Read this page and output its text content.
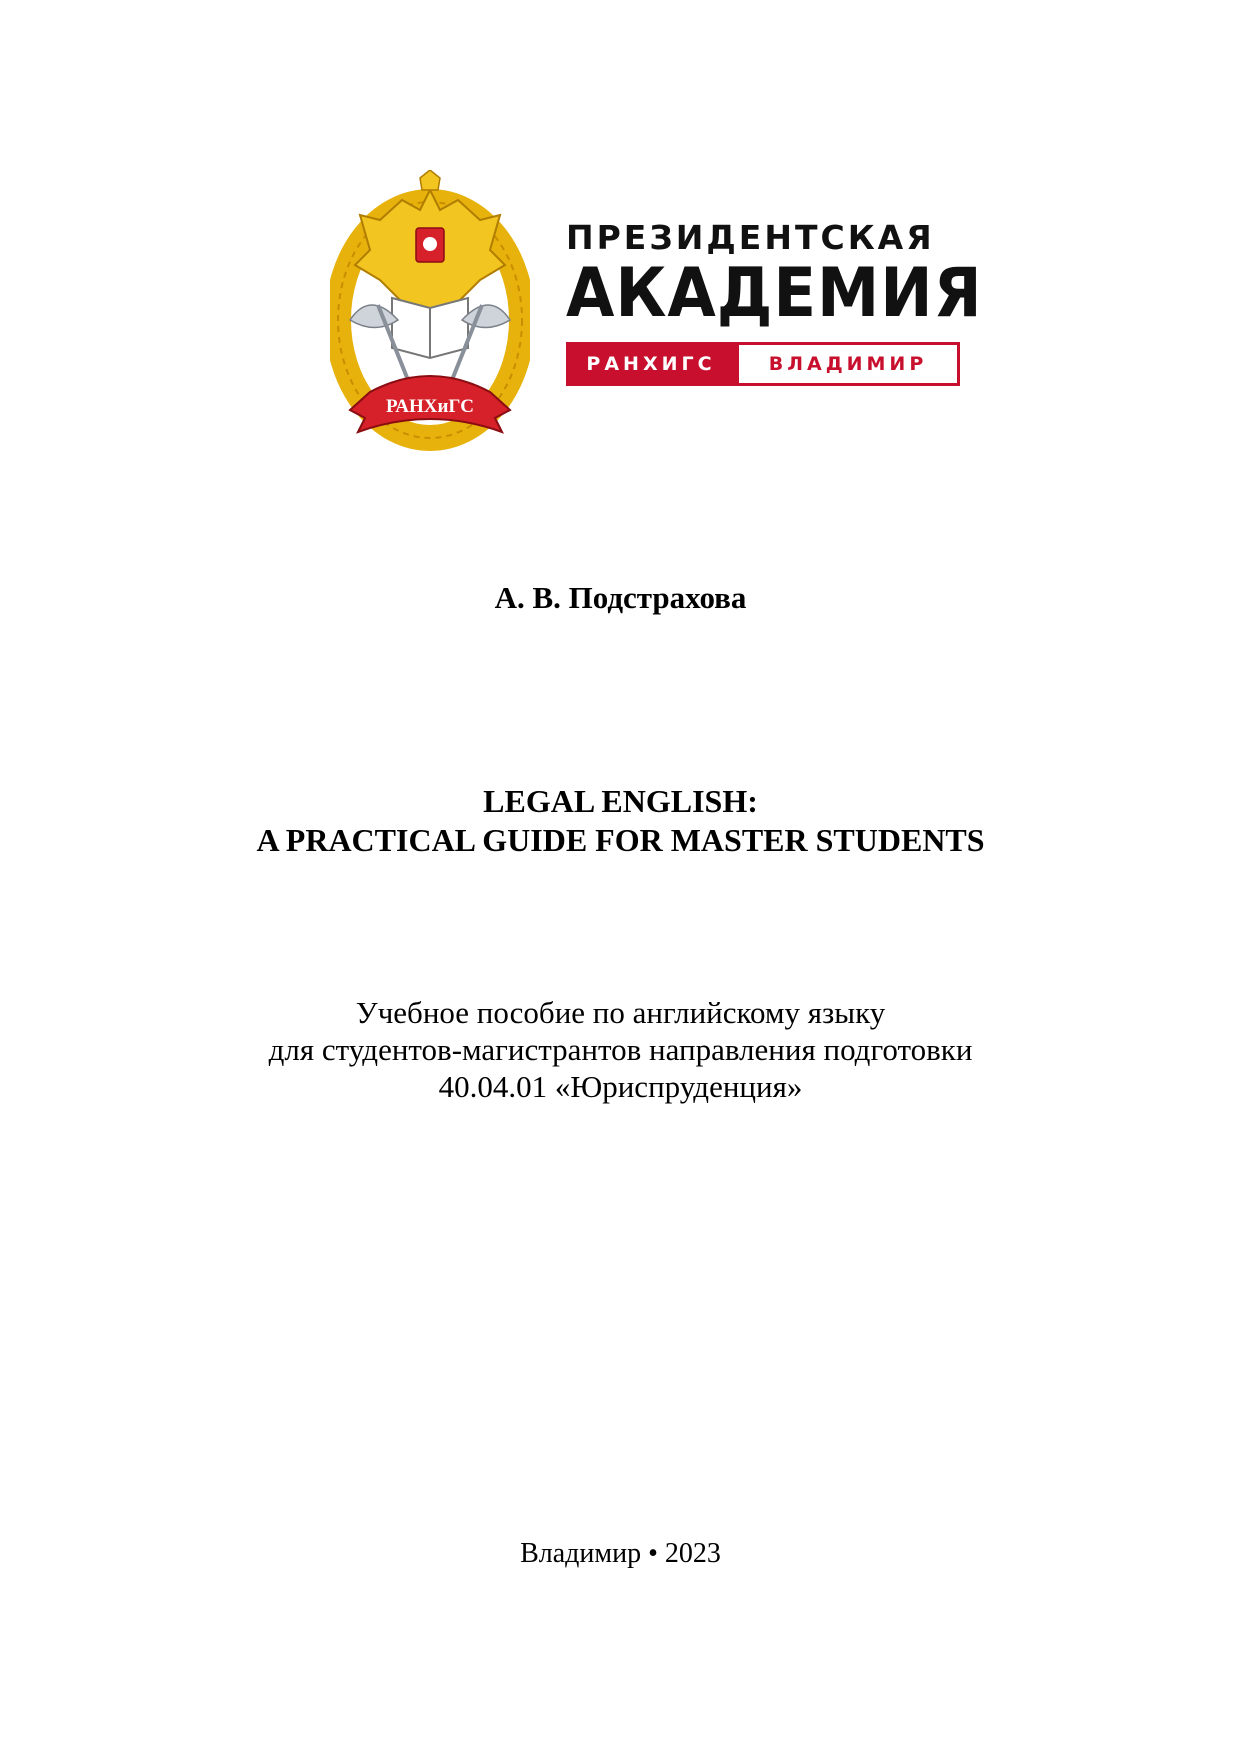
РАНХиГС
ПРЕЗИДЕНТСКАЯ
АКАДЕМИЯ
РАНХИГС	ВЛАДИМИР
А. В. Подстрахова
LEGAL ENGLISH:
A PRACTICAL GUIDE FOR MASTER STUDENTS
Учебное пособие по английскому языку
для студентов-магистрантов направления подготовки
40.04.01 «Юриспруденция»
Владимир • 2023
